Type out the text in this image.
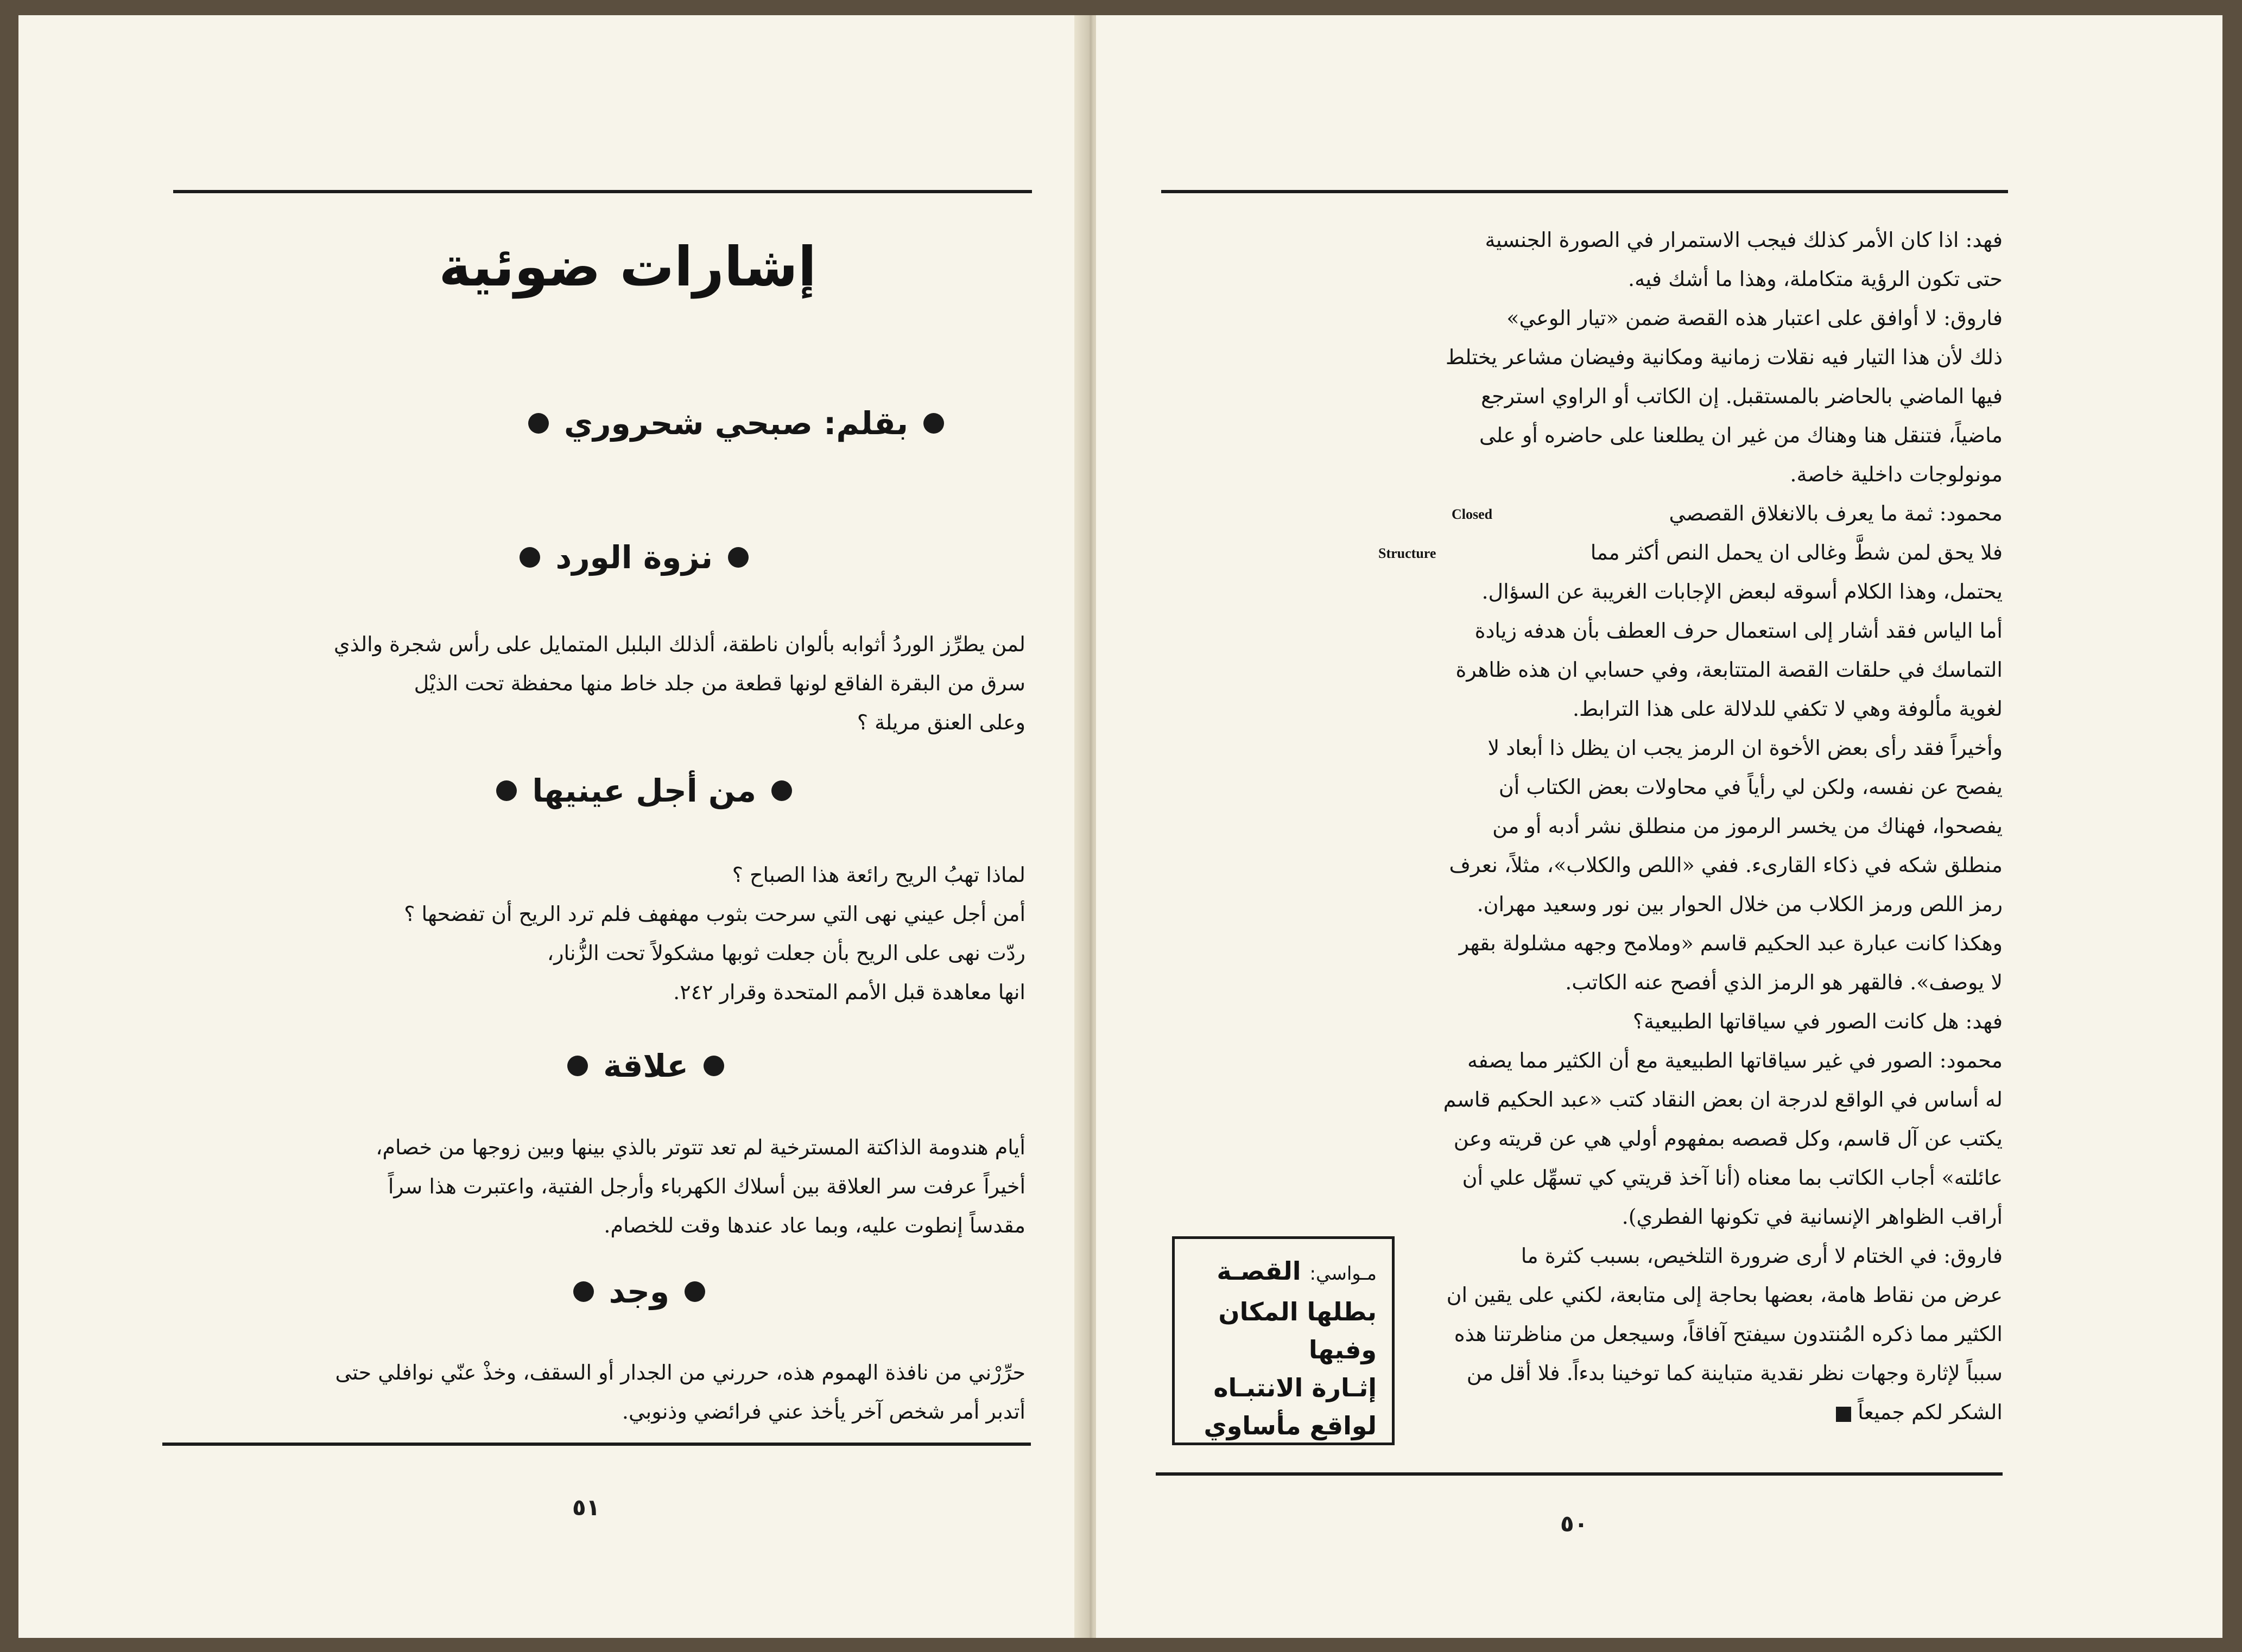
إشارات ضوئية
بقلم: صبحي شحروري
نزوة الورد

لمن يطرِّز الوردُ أثوابه بألوان ناطقة، ألذلك البلبل المتمايل على رأس شجرة والذي

سرق من البقرة الفاقع لونها قطعة من جلد خاط منها محفظة تحت الذيْل

وعلى العنق مريلة ؟

من أجل عينيها

لماذا تهبُ الريح رائعة هذا الصباح ؟

أمن أجل عيني نهى التي سرحت بثوب مهفهف فلم ترد الريح أن تفضحها ؟

ردّت نهى على الريح بأن جعلت ثوبها مشكولاً تحت الزُّنار،

انها معاهدة قبل الأمم المتحدة وقرار ٢٤٢.

علاقة

أيام هندومة الذاكتة المسترخية لم تعد تتوتر بالذي بينها وبين زوجها من خصام،

أخيراً عرفت سر العلاقة بين أسلاك الكهرباء وأرجل الفتية، واعتبرت هذا سراً

مقدساً إنطوت عليه، وبما عاد عندها وقت للخصام.

وجد

حرِّرْني من نافذة الهموم هذه، حررني من الجدار أو السقف، وخذْ عنّي نوافلي حتى

أتدبر أمر شخص آخر يأخذ عني فرائضي وذنوبي.

٥١

فهد: اذا كان الأمر كذلك فيجب الاستمرار في الصورة الجنسية

حتى تكون الرؤية متكاملة، وهذا ما أشك فيه.

فاروق: لا أوافق على اعتبار هذه القصة ضمن «تيار الوعي»

ذلك لأن هذا التيار فيه نقلات زمانية ومكانية وفيضان مشاعر يختلط

فيها الماضي بالحاضر بالمستقبل. إن الكاتب أو الراوي استرجع

ماضياً، فتنقل هنا وهناك من غير ان يطلعنا على حاضره أو على

مونولوجات داخلية خاصة.

محمود: ثمة ما يعرف بالانغلاق القصصي

فلا يحق لمن شطَّ وغالى ان يحمل النص أكثر مما

يحتمل، وهذا الكلام أسوقه لبعض الإجابات الغريبة عن السؤال.

أما الياس فقد أشار إلى استعمال حرف العطف بأن هدفه زيادة

التماسك في حلقات القصة المتتابعة، وفي حسابي ان هذه ظاهرة

لغوية مألوفة وهي لا تكفي للدلالة على هذا الترابط.

وأخيراً فقد رأى بعض الأخوة ان الرمز يجب ان يظل ذا أبعاد لا

يفصح عن نفسه، ولكن لي رأياً في محاولات بعض الكتاب أن

يفصحوا، فهناك من يخسر الرموز من منطلق نشر أدبه أو من

منطلق شكه في ذكاء القارىء. ففي «اللص والكلاب»، مثلاً، نعرف

رمز اللص ورمز الكلاب من خلال الحوار بين نور وسعيد مهران.

وهكذا كانت عبارة عبد الحكيم قاسم «وملامح وجهه مشلولة بقهر

لا يوصف». فالقهر هو الرمز الذي أفصح عنه الكاتب.

فهد: هل كانت الصور في سياقاتها الطبيعية؟

محمود: الصور في غير سياقاتها الطبيعية مع أن الكثير مما يصفه

له أساس في الواقع لدرجة ان بعض النقاد كتب «عبد الحكيم قاسم

يكتب عن آل قاسم، وكل قصصه بمفهوم أولي هي عن قريته وعن

عائلته» أجاب الكاتب بما معناه (أنا آخذ قريتي كي تسهِّل علي أن

أراقب الظواهر الإنسانية في تكونها الفطري).

فاروق: في الختام لا أرى ضرورة التلخيص، بسبب كثرة ما

عرض من نقاط هامة، بعضها بحاجة إلى متابعة، لكني على يقين ان

الكثير مما ذكره المُنتدون سيفتح آفاقاً، وسيجعل من مناظرتنا هذه

سبباً لإثارة وجهات نظر نقدية متباينة كما توخينا بدءاً. فلا أقل من

الشكر لكم جميعاً

Closed
Structure
مـواسي: القصـة
بطلها المكان وفيها
إثـارة الانتبـاه
لواقع مأساوي
٥٠
